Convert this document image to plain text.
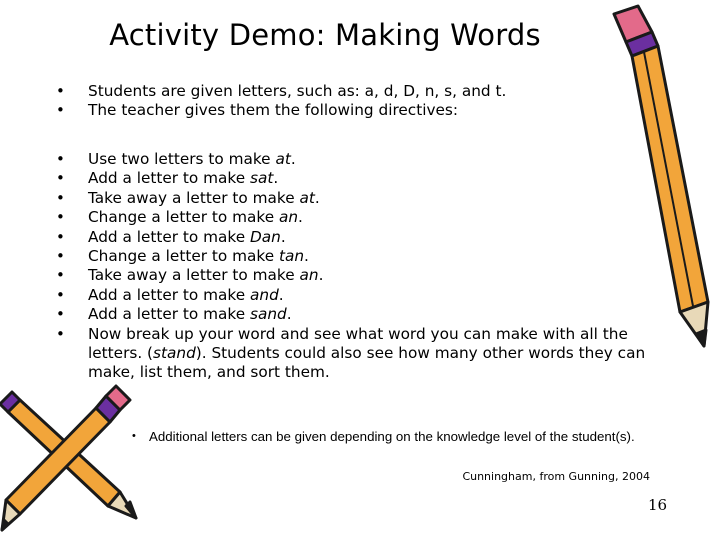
Activity Demo: Making Words
• Students are given letters, such as: a, d, D, n, s, and t.
• The teacher gives them the following directives:
• Use two letters to make at.
• Add a letter to make sat.
• Take away a letter to make at.
• Change a letter to make an.
• Add a letter to make Dan.
• Change a letter to make tan.
• Take away a letter to make an.
• Add a letter to make and.
• Add a letter to make sand.
• Now break up your word and see what word you can make with all the letters. (stand). Students could also see how many other words they can make, list them, and sort them.
• Additional letters can be given depending on the knowledge level of the student(s).
Cunningham, from Gunning, 2004
16
